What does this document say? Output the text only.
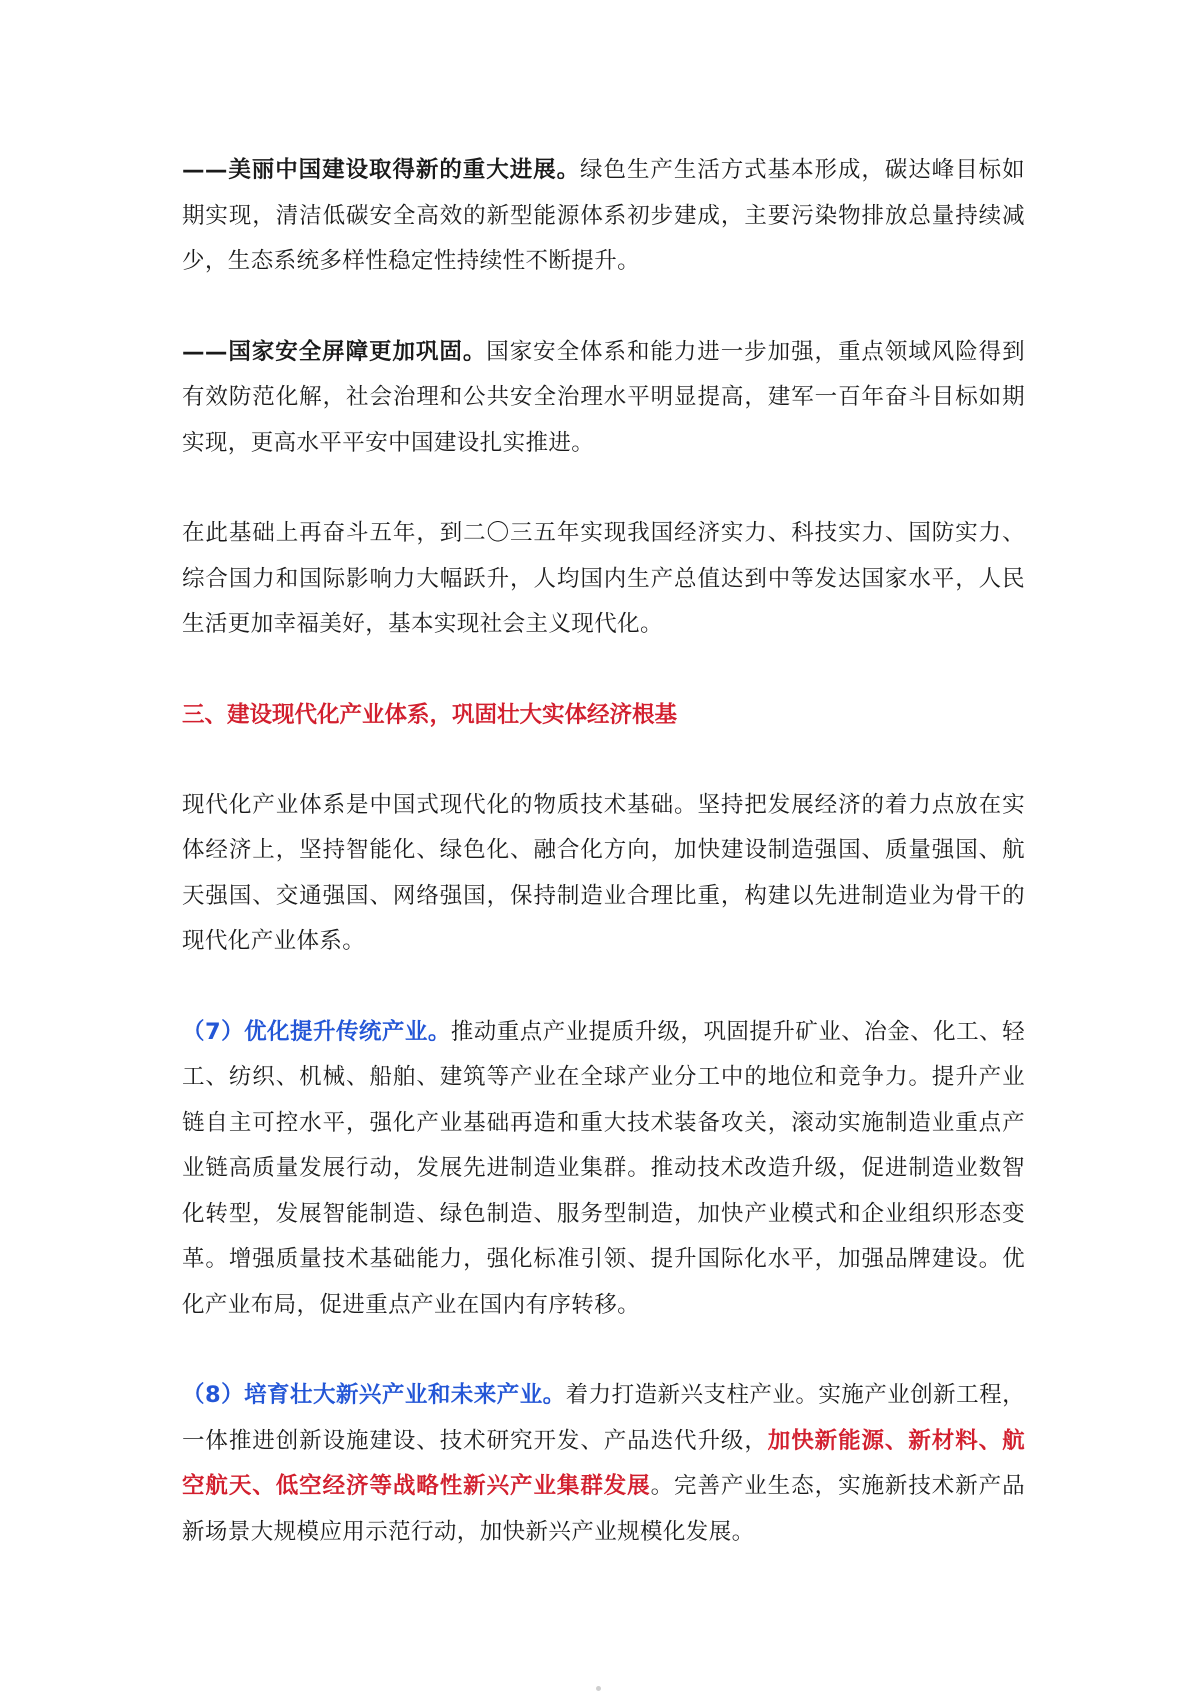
——美丽中国建设取得新的重大进展。绿色生产生活方式基本形成，碳达峰目标如期实现，清洁低碳安全高效的新型能源体系初步建成，主要污染物排放总量持续减少，生态系统多样性稳定性持续性不断提升。

——国家安全屏障更加巩固。国家安全体系和能力进一步加强，重点领域风险得到有效防范化解，社会治理和公共安全治理水平明显提高，建军一百年奋斗目标如期实现，更高水平平安中国建设扎实推进。

在此基础上再奋斗五年，到二〇三五年实现我国经济实力、科技实力、国防实力、综合国力和国际影响力大幅跃升，人均国内生产总值达到中等发达国家水平，人民生活更加幸福美好，基本实现社会主义现代化。

三、建设现代化产业体系，巩固壮大实体经济根基

现代化产业体系是中国式现代化的物质技术基础。坚持把发展经济的着力点放在实体经济上，坚持智能化、绿色化、融合化方向，加快建设制造强国、质量强国、航天强国、交通强国、网络强国，保持制造业合理比重，构建以先进制造业为骨干的现代化产业体系。

（7）优化提升传统产业。推动重点产业提质升级，巩固提升矿业、冶金、化工、轻工、纺织、机械、船舶、建筑等产业在全球产业分工中的地位和竞争力。提升产业链自主可控水平，强化产业基础再造和重大技术装备攻关，滚动实施制造业重点产业链高质量发展行动，发展先进制造业集群。推动技术改造升级，促进制造业数智化转型，发展智能制造、绿色制造、服务型制造，加快产业模式和企业组织形态变革。增强质量技术基础能力，强化标准引领、提升国际化水平，加强品牌建设。优化产业布局，促进重点产业在国内有序转移。

（8）培育壮大新兴产业和未来产业。着力打造新兴支柱产业。实施产业创新工程，一体推进创新设施建设、技术研究开发、产品迭代升级，加快新能源、新材料、航空航天、低空经济等战略性新兴产业集群发展。完善产业生态，实施新技术新产品新场景大规模应用示范行动，加快新兴产业规模化发展。
